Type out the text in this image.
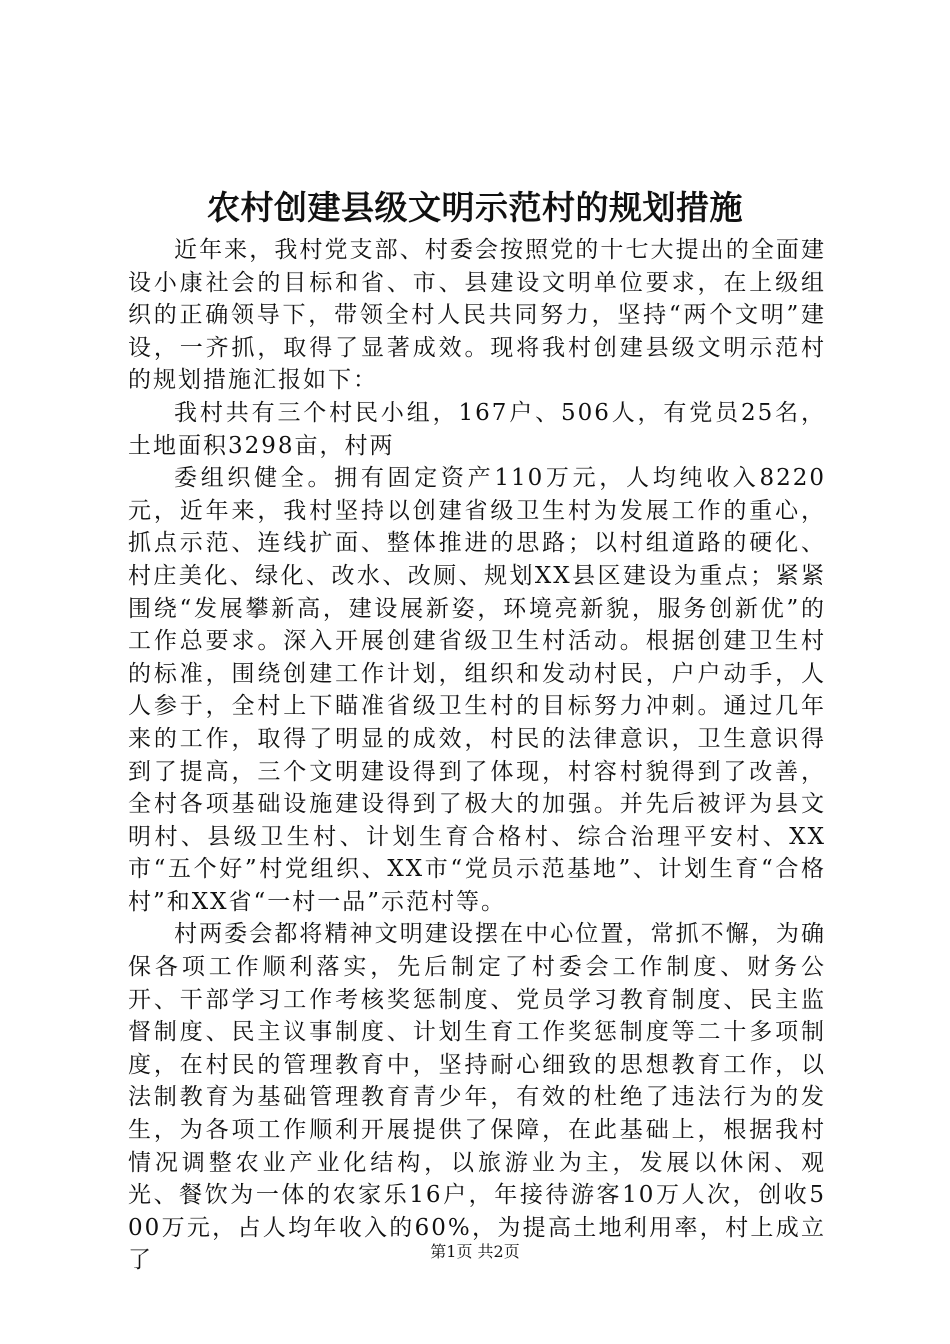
农村创建县级文明示范村的规划措施

近年来，我村党支部、村委会按照党的十七大提出的全面建设小康社会的目标和省、市、县建设文明单位要求，在上级组织的正确领导下，带领全村人民共同努力，坚持“两个文明”建设，一齐抓，取得了显著成效。现将我村创建县级文明示范村的规划措施汇报如下：

我村共有三个村民小组，167户、506人，有党员25名，土地面积3298亩，村两

委组织健全。拥有固定资产110万元，人均纯收入8220元，近年来，我村坚持以创建省级卫生村为发展工作的重心，抓点示范、连线扩面、整体推进的思路；以村组道路的硬化、村庄美化、绿化、改水、改厕、规划XX县区建设为重点；紧紧围绕“发展攀新高，建设展新姿，环境亮新貌，服务创新优”的工作总要求。深入开展创建省级卫生村活动。根据创建卫生村的标准，围绕创建工作计划，组织和发动村民，户户动手，人人参于，全村上下瞄准省级卫生村的目标努力冲刺。通过几年来的工作，取得了明显的成效，村民的法律意识，卫生意识得到了提高，三个文明建设得到了体现，村容村貌得到了改善，全村各项基础设施建设得到了极大的加强。并先后被评为县文明村、县级卫生村、计划生育合格村、综合治理平安村、XX市“五个好”村党组织、XX市“党员示范基地”、计划生育“合格村”和XX省“一村一品”示范村等。

村两委会都将精神文明建设摆在中心位置，常抓不懈，为确保各项工作顺利落实，先后制定了村委会工作制度、财务公开、干部学习工作考核奖惩制度、党员学习教育制度、民主监督制度、民主议事制度、计划生育工作奖惩制度等二十多项制度，在村民的管理教育中，坚持耐心细致的思想教育工作，以法制教育为基础管理教育青少年，有效的杜绝了违法行为的发生，为各项工作顺利开展提供了保障，在此基础上，根据我村情况调整农业产业化结构，以旅游业为主，发展以休闲、观光、餐饮为一体的农家乐16户，年接待游客10万人次，创收500万元，占人均年收入的60%，为提高土地利用率，村上成立了	第1页 共2页
